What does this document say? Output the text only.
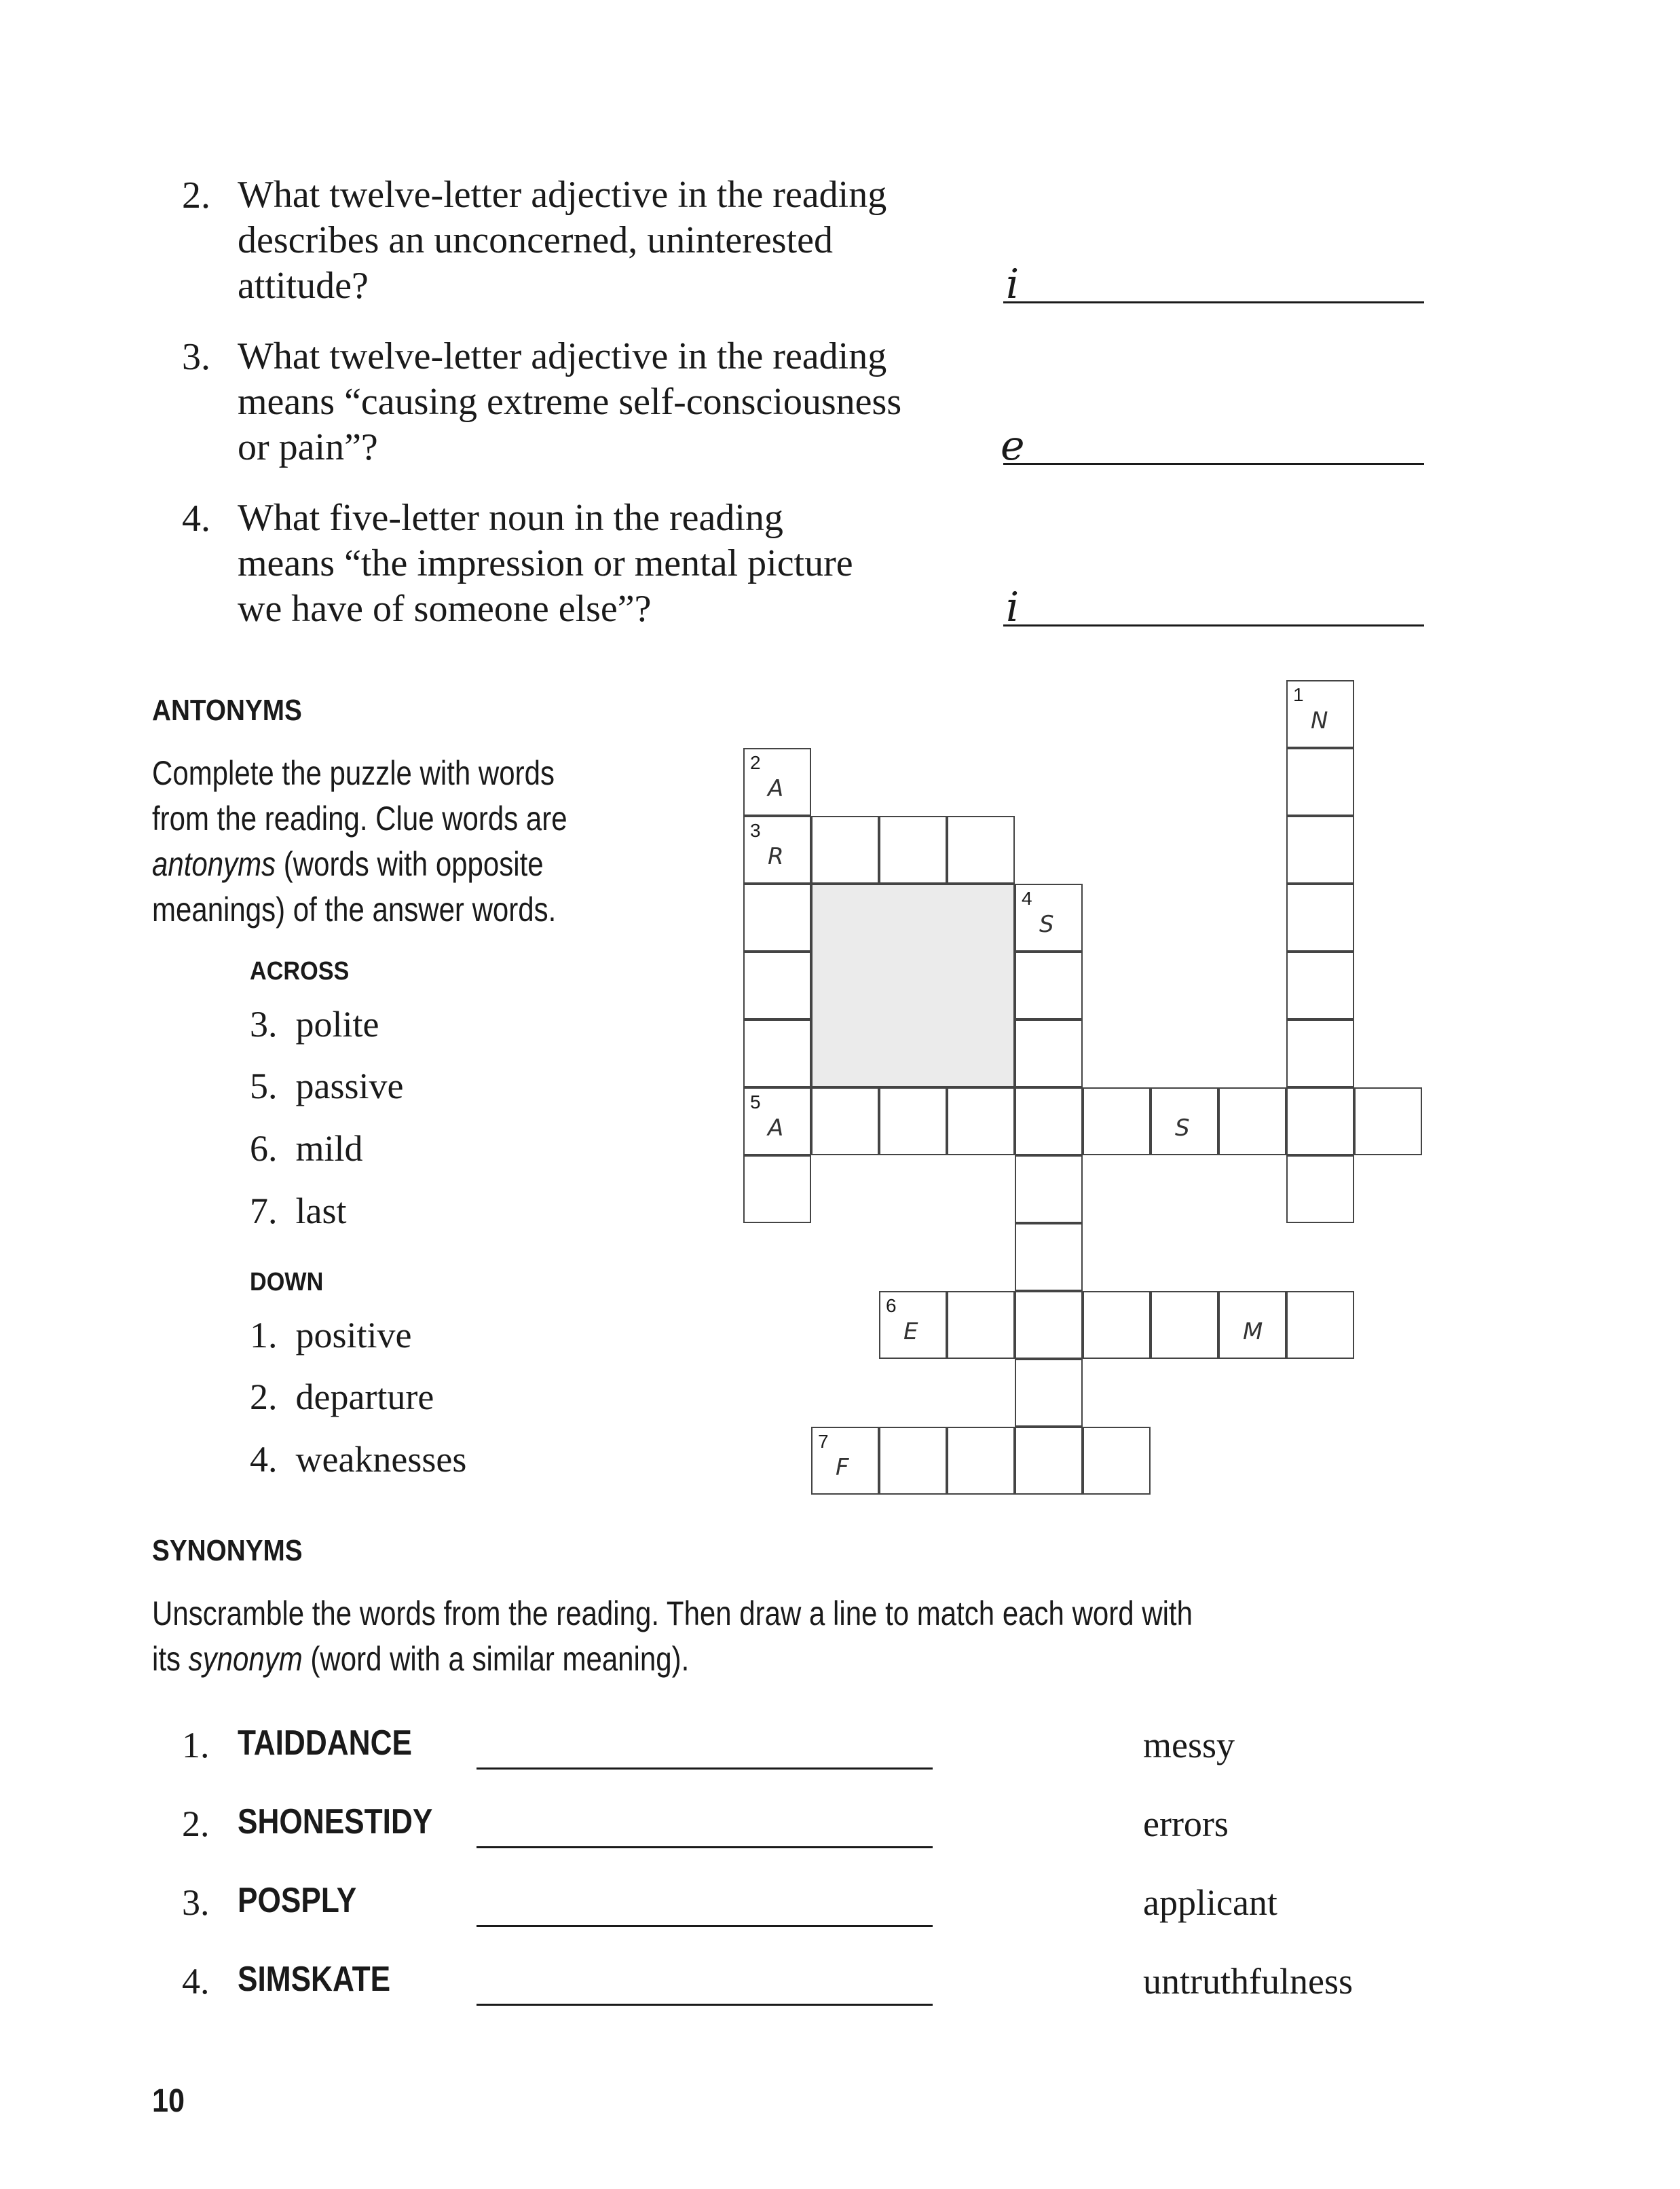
2. What twelve-letter adjective in the reading
describes an unconcerned, uninterested
attitude?	i
3. What twelve-letter adjective in the reading
means “causing extreme self-consciousness
or pain”?	e
4. What five-letter noun in the reading
means “the impression or mental picture
we have of someone else”?	i
ANTONYMS
Complete the puzzle with words
from the reading. Clue words are
antonyms (words with opposite
meanings) of the answer words.
ACROSS
3. polite
5. passive
6. mild
7. last
DOWN
1. positive
2. departure
4. weaknesses
1
N
2
A
3
R
5
A
4
S
S
6
E	M
7
F
SYNONYMS
Unscramble the words from the reading. Then draw a line to match each word with
its synonym (word with a similar meaning).
1. TAIDDANCE	messy
2. SHONESTIDY	errors
3. POSPLY	applicant
4. SIMSKATE	untruthfulness
10
